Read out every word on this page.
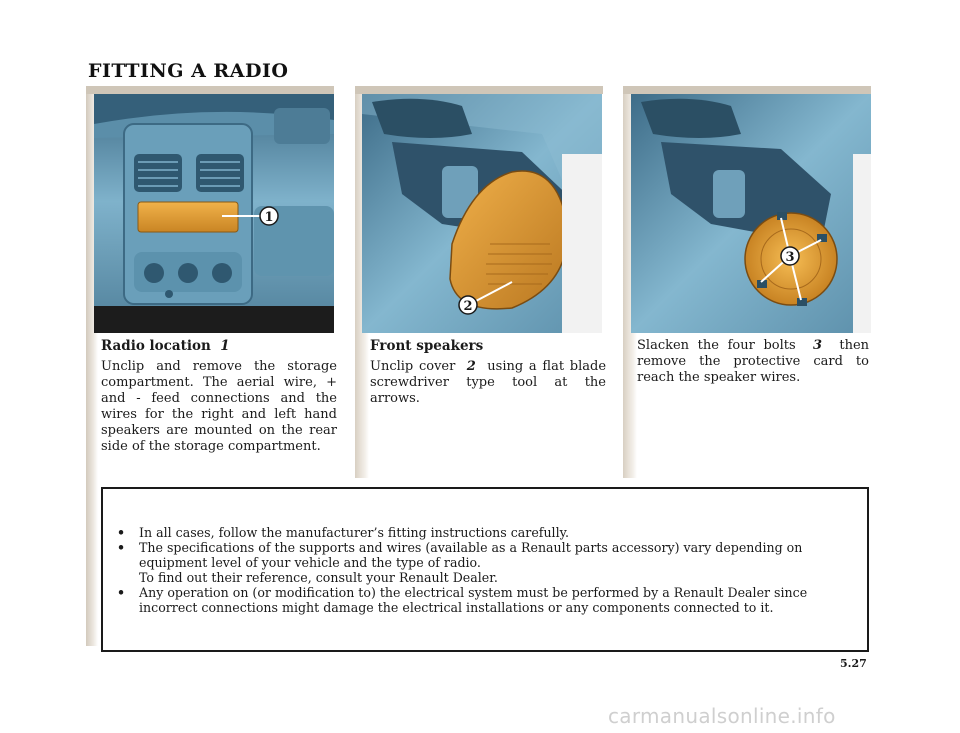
FITTING A RADIO
1
2
3
Radio location 1

Unclip and remove the storage compartment. The aerial wire, + and - feed connections and the wires for the right and left hand speakers are mounted on the rear side of the storage compartment.

Front speakers

Unclip cover 2 using a flat blade screwdriver type tool at the arrows.

Slacken the four bolts 3 then remove the protective card to reach the speaker wires.

• In all cases, follow the manufacturer’s fitting instructions carefully.
• The specifications of the supports and wires (available as a Renault parts accessory) vary depending on equipment level of your vehicle and the type of radio.
To find out their reference, consult your Renault Dealer.
• Any operation on (or modification to) the electrical system must be performed by a Renault Dealer since incorrect connections might damage the electrical installations or any components connected to it.
5.27
carmanualsonline.info
